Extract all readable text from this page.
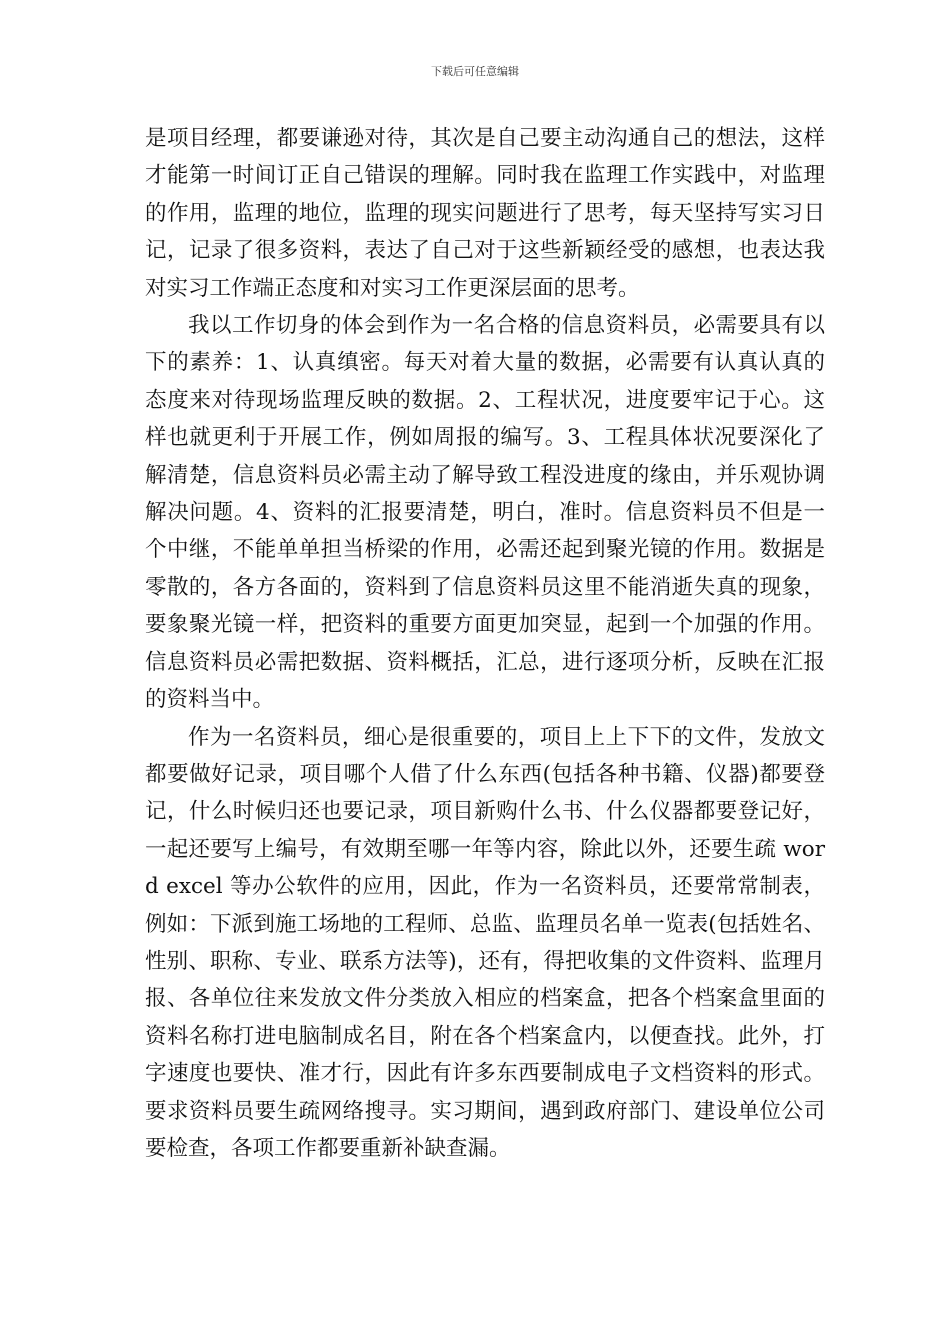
下载后可任意编辑

是项目经理，都要谦逊对待，其次是自己要主动沟通自己的想法，这样才能第一时间订正自己错误的理解。同时我在监理工作实践中，对监理的作用，监理的地位，监理的现实问题进行了思考，每天坚持写实习日记，记录了很多资料，表达了自己对于这些新颖经受的感想，也表达我对实习工作端正态度和对实习工作更深层面的思考。

我以工作切身的体会到作为一名合格的信息资料员，必需要具有以下的素养：1、认真缜密。每天对着大量的数据，必需要有认真认真的态度来对待现场监理反映的数据。2、工程状况，进度要牢记于心。这样也就更利于开展工作，例如周报的编写。3、工程具体状况要深化了解清楚，信息资料员必需主动了解导致工程没进度的缘由，并乐观协调解决问题。4、资料的汇报要清楚，明白，准时。信息资料员不但是一个中继，不能单单担当桥梁的作用，必需还起到聚光镜的作用。数据是零散的，各方各面的，资料到了信息资料员这里不能消逝失真的现象，要象聚光镜一样，把资料的重要方面更加突显，起到一个加强的作用。信息资料员必需把数据、资料概括，汇总，进行逐项分析，反映在汇报的资料当中。

作为一名资料员，细心是很重要的，项目上上下下的文件，发放文都要做好记录，项目哪个人借了什么东西(包括各种书籍、仪器)都要登记，什么时候归还也要记录，项目新购什么书、什么仪器都要登记好，一起还要写上编号，有效期至哪一年等内容，除此以外，还要生疏 word excel 等办公软件的应用，因此，作为一名资料员，还要常常制表，例如：下派到施工场地的工程师、总监、监理员名单一览表(包括姓名、性别、职称、专业、联系方法等)，还有，得把收集的文件资料、监理月报、各单位往来发放文件分类放入相应的档案盒，把各个档案盒里面的资料名称打进电脑制成名目，附在各个档案盒内，以便查找。此外，打字速度也要快、准才行，因此有许多东西要制成电子文档资料的形式。要求资料员要生疏网络搜寻。实习期间，遇到政府部门、建设单位公司要检查，各项工作都要重新补缺查漏。
